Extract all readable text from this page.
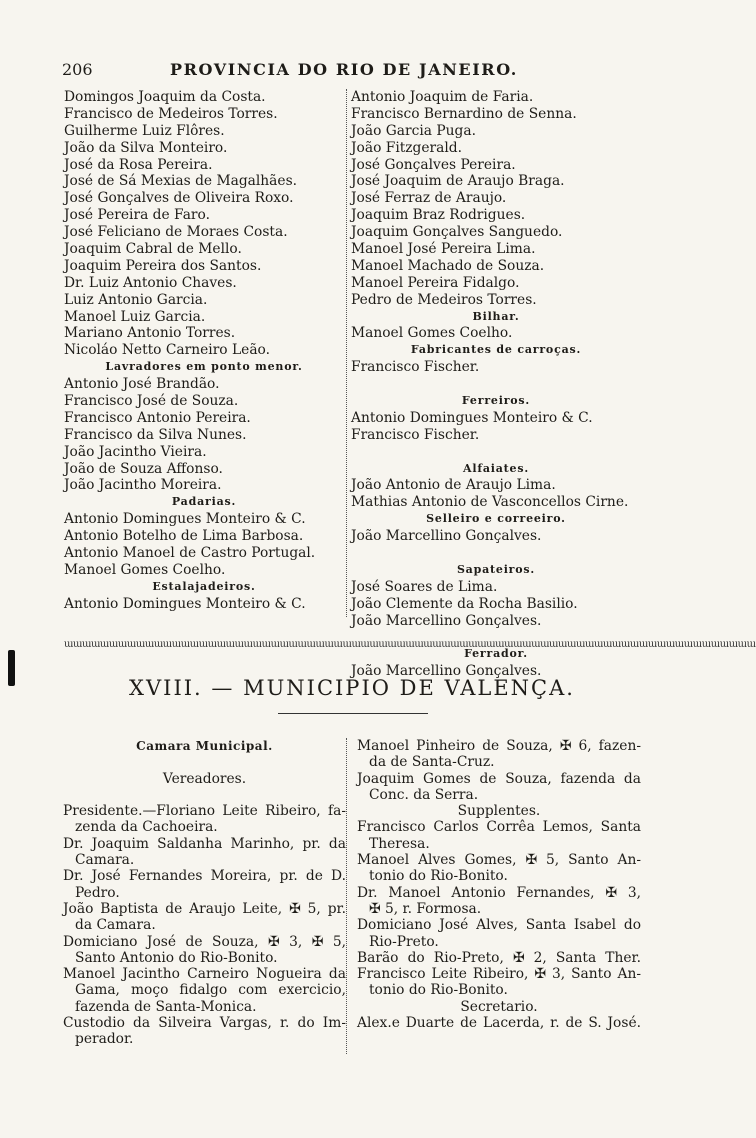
206	PROVINCIA DO RIO DE JANEIRO.
Domingos Joaquim da Costa.
Francisco de Medeiros Torres.
Guilherme Luiz Flôres.
João da Silva Monteiro.
José da Rosa Pereira.
José de Sá Mexias de Magalhães.
José Gonçalves de Oliveira Roxo.
José Pereira de Faro.
José Feliciano de Moraes Costa.
Joaquim Cabral de Mello.
Joaquim Pereira dos Santos.
Dr. Luiz Antonio Chaves.
Luiz Antonio Garcia.
Manoel Luiz Garcia.
Mariano Antonio Torres.
Nicoláo Netto Carneiro Leão.
Lavradores em ponto menor.
Antonio José Brandão.
Francisco José de Souza.
Francisco Antonio Pereira.
Francisco da Silva Nunes.
João Jacintho Vieira.
João de Souza Affonso.
João Jacintho Moreira.
Padarias.
Antonio Domingues Monteiro & C.
Antonio Botelho de Lima Barbosa.
Antonio Manoel de Castro Portugal.
Manoel Gomes Coelho.
Estalajadeiros.
Antonio Domingues Monteiro & C.
Antonio Joaquim de Faria.
Francisco Bernardino de Senna.
João Garcia Puga.
João Fitzgerald.
José Gonçalves Pereira.
José Joaquim de Araujo Braga.
José Ferraz de Araujo.
Joaquim Braz Rodrigues.
Joaquim Gonçalves Sanguedo.
Manoel José Pereira Lima.
Manoel Machado de Souza.
Manoel Pereira Fidalgo.
Pedro de Medeiros Torres.
Bilhar.
Manoel Gomes Coelho.
Fabricantes de carroças.
Francisco Fischer.
Ferreiros.
Antonio Domingues Monteiro & C.
Francisco Fischer.
Alfaiates.
João Antonio de Araujo Lima.
Mathias Antonio de Vasconcellos Cirne.
Selleiro e correeiro.
João Marcellino Gonçalves.
Sapateiros.
José Soares de Lima.
João Clemente da Rocha Basilio.
João Marcellino Gonçalves.
Ferrador.
João Marcellino Gonçalves.
ɯɯɯɯɯɯɯɯɯɯɯɯɯɯɯɯɯɯɯɯɯɯɯɯɯɯɯɯɯɯɯɯɯɯɯɯɯɯɯɯɯɯɯɯɯɯɯɯɯɯɯɯɯɯɯɯɯɯɯɯɯɯɯɯɯɯɯɯɯɯɯɯɯɯɯɯɯ
XVIII. — MUNICIPIO DE VALENÇA.
Camara Municipal.
Vereadores.
Presidente.—Floriano Leite Ribeiro, fa-
zenda da Cachoeira.
Dr. Joaquim Saldanha Marinho, pr. da
Camara.
Dr. José Fernandes Moreira, pr. de D.
Pedro.
João Baptista de Araujo Leite, ✠ 5, pr.
da Camara.
Domiciano José de Souza, ✠ 3, ✠ 5,
Santo Antonio do Rio-Bonito.
Manoel Jacintho Carneiro Nogueira da
Gama, moço fidalgo com exercicio,
fazenda de Santa-Monica.
Custodio da Silveira Vargas, r. do Im-
perador.
Manoel Pinheiro de Souza, ✠ 6, fazen-
da de Santa-Cruz.
Joaquim Gomes de Souza, fazenda da
Conc. da Serra.
Supplentes.
Francisco Carlos Corrêa Lemos, Santa
Theresa.
Manoel Alves Gomes, ✠ 5, Santo An-
tonio do Rio-Bonito.
Dr. Manoel Antonio Fernandes, ✠ 3,
✠ 5, r. Formosa.
Domiciano José Alves, Santa Isabel do
Rio-Preto.
Barão do Rio-Preto, ✠ 2, Santa Ther.
Francisco Leite Ribeiro, ✠ 3, Santo An-
tonio do Rio-Bonito.
Secretario.
Alex.e Duarte de Lacerda, r. de S. José.
